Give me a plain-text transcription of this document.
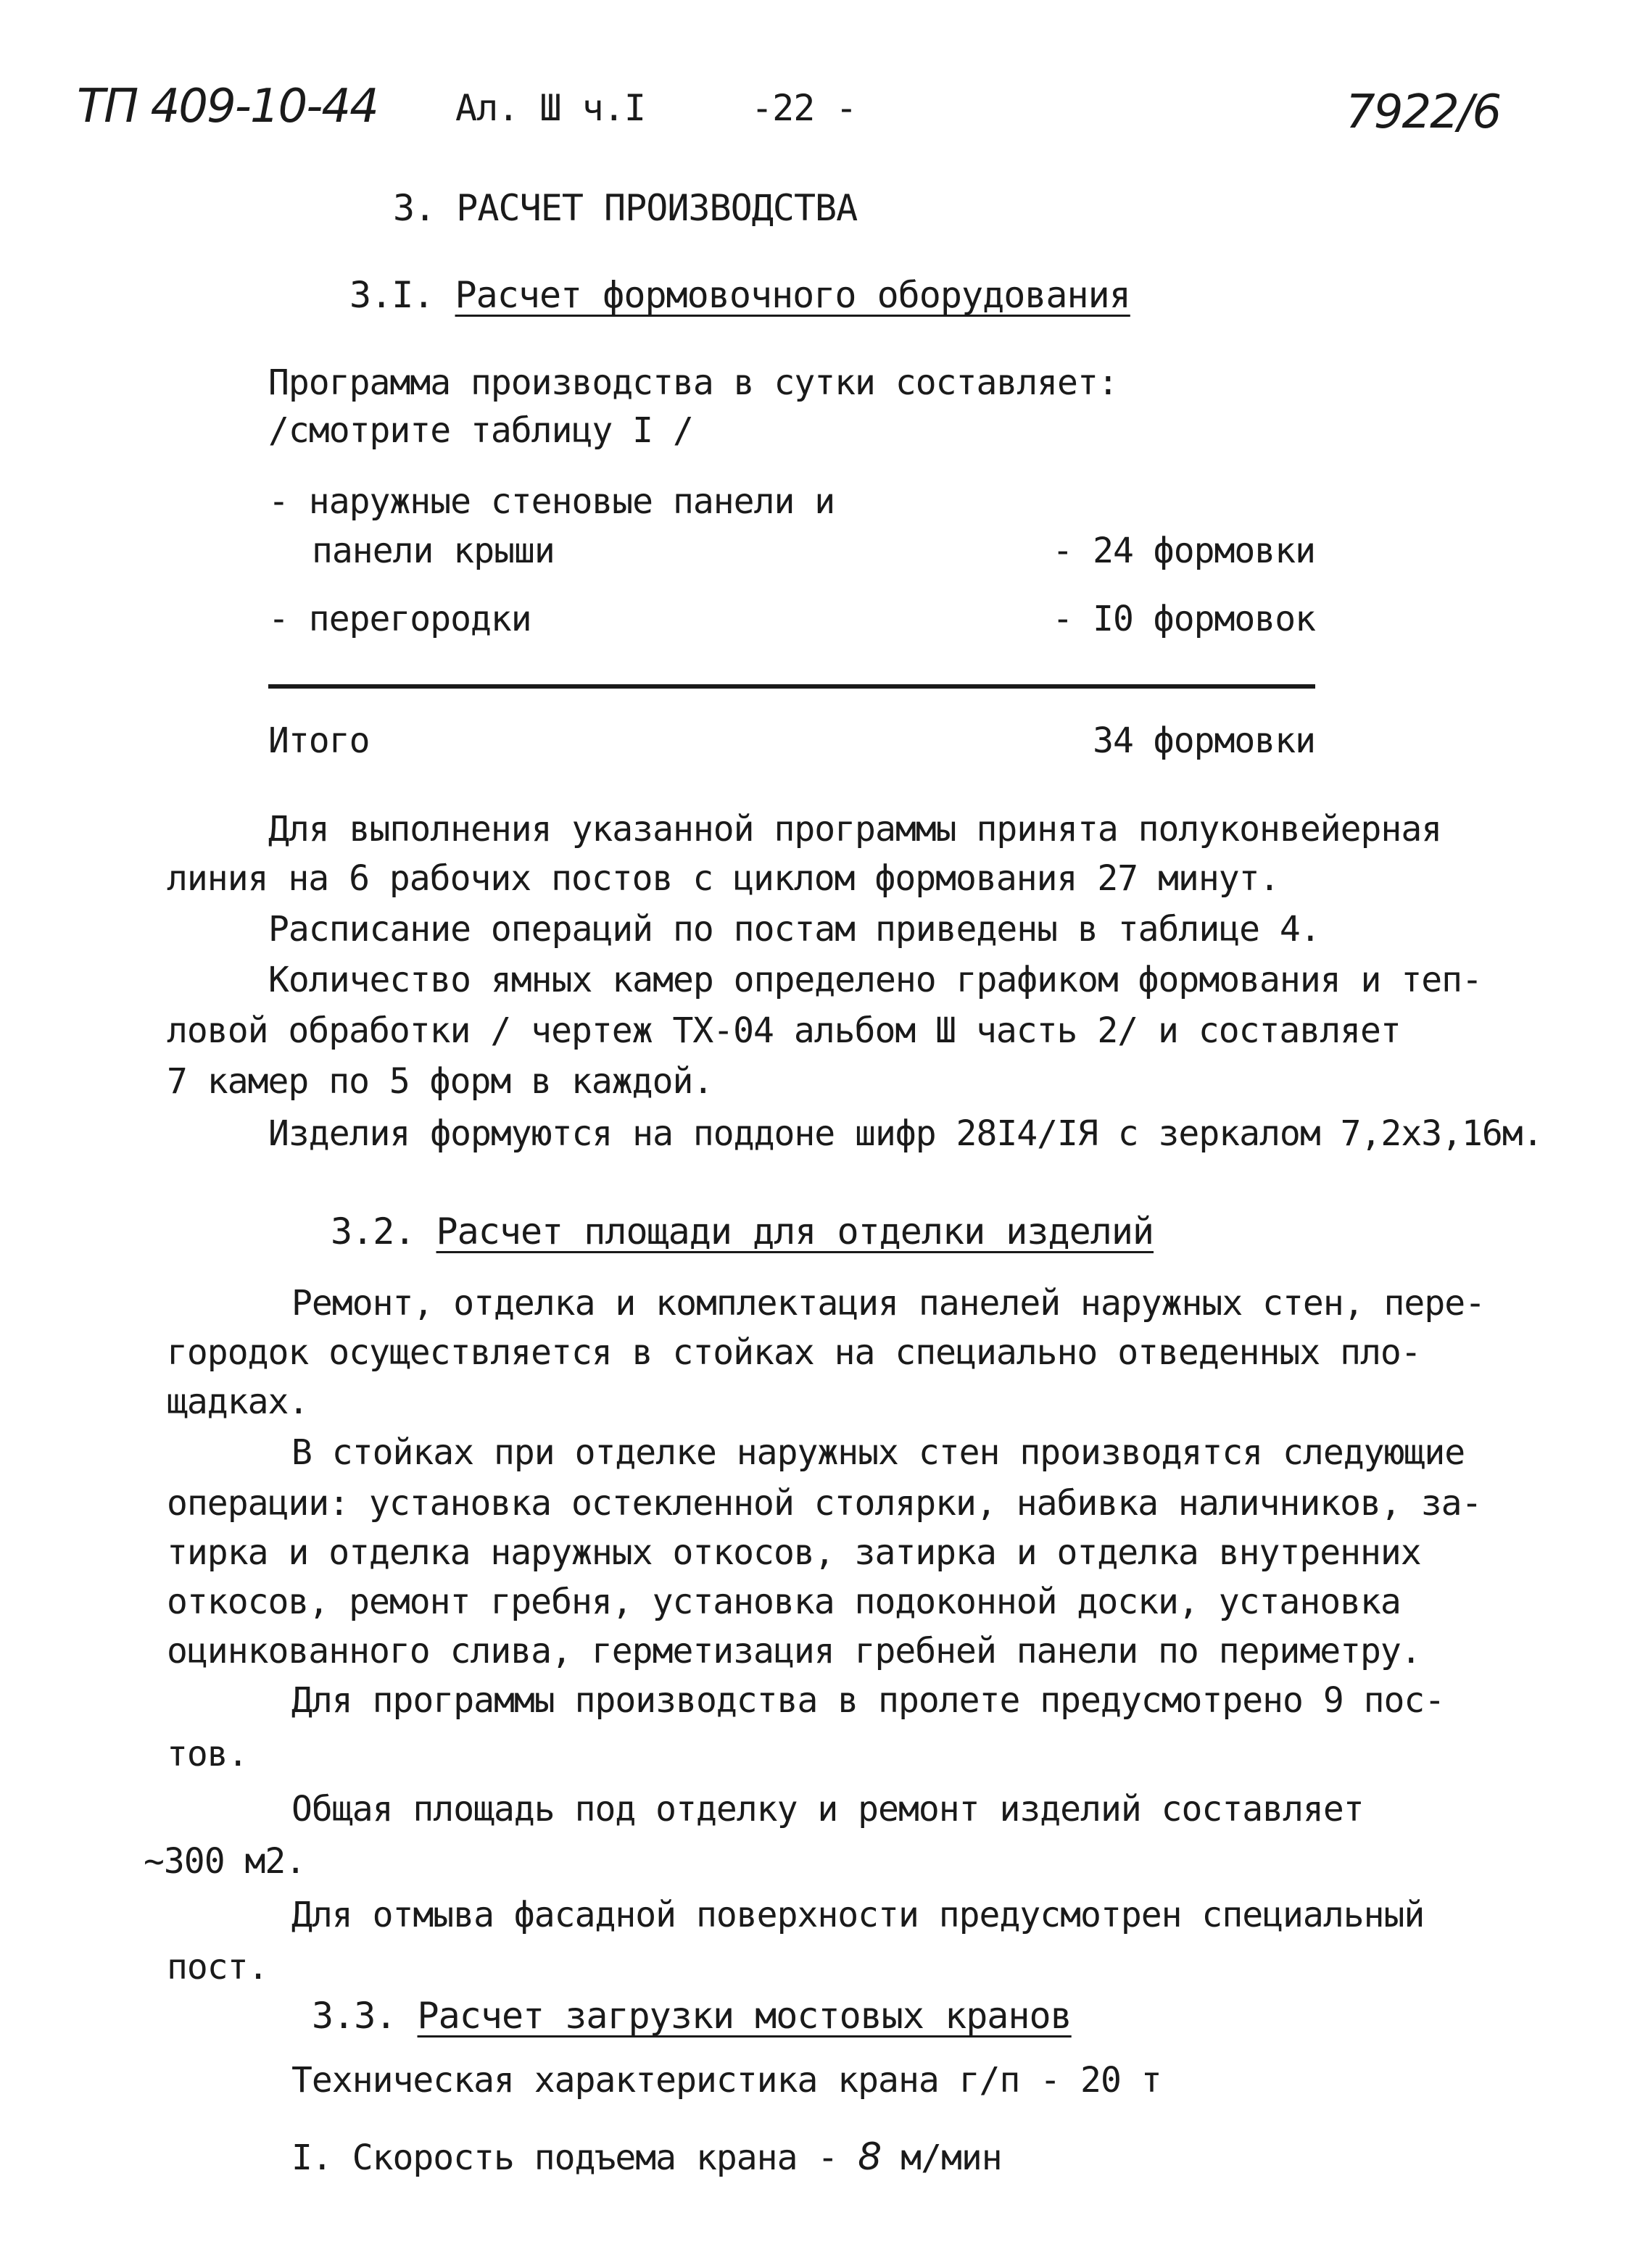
ТП 409-10-44 Ал. Ш ч.I	-22 -	7922/6
3. РАСЧЕТ ПРОИЗВОДСТВА
3.I. Расчет формовочного оборудования
Программа производства в сутки составляет:
/смотрите таблицу I /
- наружные стеновые панели и
панели крыши	- 24 формовки
- перегородки	- I0 формовок
Итого	34 формовки
Для выполнения указанной программы принята полуконвейерная
линия на 6 рабочих постов с циклом формования 27 минут.
Расписание операций по постам приведены в таблице 4.
Количество ямных камер определено графиком формования и теп-
ловой обработки / чертеж ТХ-04 альбом Ш часть 2/ и составляет
7 камер по 5 форм в каждой.
Изделия формуются на поддоне шифр 28I4/IЯ с зеркалом 7,2х3,16м.
3.2. Расчет площади для отделки изделий
Ремонт, отделка и комплектация панелей наружных стен, пере-
городок осуществляется в стойках на специально отведенных пло-
щадках.
В стойках при отделке наружных стен производятся следующие
операции: установка остекленной столярки, набивка наличников, за-
тирка и отделка наружных откосов, затирка и отделка внутренних
откосов, ремонт гребня, установка подоконной доски, установка
оцинкованного слива, герметизация гребней панели по периметру.
Для программы производства в пролете предусмотрено 9 пос-
тов.
Общая площадь под отделку и ремонт изделий составляет
~300 м2.
Для отмыва фасадной поверхности предусмотрен специальный
пост.
3.3. Расчет загрузки мостовых кранов
Техническая характеристика крана г/п - 20 т
I. Скорость подъема крана - 8 м/мин
